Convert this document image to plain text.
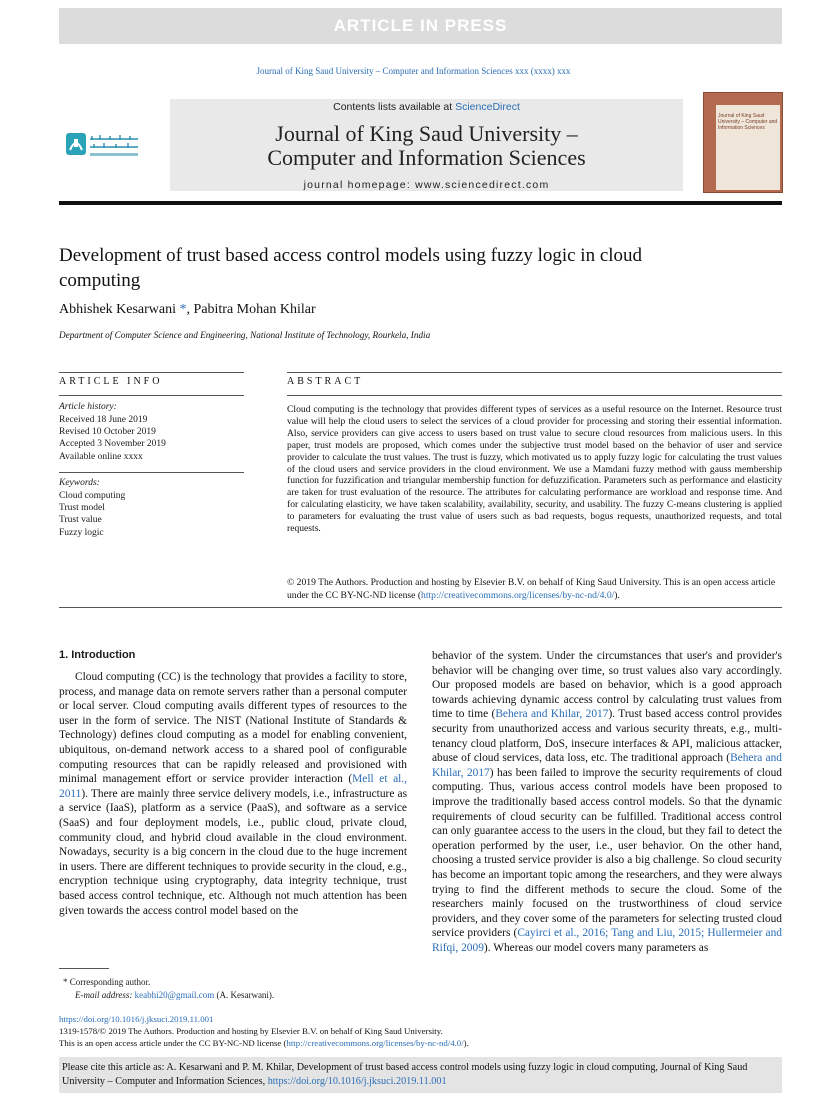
ARTICLE IN PRESS
Journal of King Saud University – Computer and Information Sciences xxx (xxxx) xxx
Contents lists available at ScienceDirect
Journal of King Saud University –
Computer and Information Sciences
journal homepage: www.sciencedirect.com
Journal of King Saud University – Computer and Information Sciences
Development of trust based access control models using fuzzy logic in cloud computing
Abhishek Kesarwani *, Pabitra Mohan Khilar
Department of Computer Science and Engineering, National Institute of Technology, Rourkela, India
ARTICLE INFO
Article history:
Received 18 June 2019
Revised 10 October 2019
Accepted 3 November 2019
Available online xxxx
Keywords:
Cloud computing
Trust model
Trust value
Fuzzy logic
ABSTRACT
Cloud computing is the technology that provides different types of services as a useful resource on the Internet. Resource trust value will help the cloud users to select the services of a cloud provider for processing and storing their essential information. Also, service providers can give access to users based on trust value to secure cloud resources from malicious users. In this paper, trust models are proposed, which comes under the subjective trust model based on the behavior of user and service provider to calculate the trust values. The trust is fuzzy, which motivated us to apply fuzzy logic for calculating the trust values of the cloud users and service providers in the cloud environment. We use a Mamdani fuzzy method with gauss membership function for fuzzification and triangular membership function for defuzzification. Parameters such as performance and elasticity are taken for trust evaluation of the resource. The attributes for calculating performance are workload and response time. And for calculating elasticity, we have taken scalability, availability, security, and usability. The fuzzy C-means clustering is applied to parameters for evaluating the trust value of users such as bad requests, bogus requests, unauthorized requests, and total requests.
© 2019 The Authors. Production and hosting by Elsevier B.V. on behalf of King Saud University. This is an open access article under the CC BY-NC-ND license (http://creativecommons.org/licenses/by-nc-nd/4.0/).
1. Introduction
Cloud computing (CC) is the technology that provides a facility to store, process, and manage data on remote servers rather than a personal computer or local server. Cloud computing avails different types of resources to the user in the form of service. The NIST (National Institute of Standards & Technology) defines cloud computing as a model for enabling convenient, ubiquitous, on-demand network access to a shared pool of configurable computing resources that can be rapidly released and provisioned with minimal management effort or service provider interaction (Mell et al., 2011). There are mainly three service delivery models, i.e., infrastructure as a service (IaaS), platform as a service (PaaS), and software as a service (SaaS) and four deployment models, i.e., public cloud, private cloud, community cloud, and hybrid cloud available in the cloud environment. Nowadays, security is a big concern in the cloud due to the huge increment in users. There are different techniques to provide security in the cloud, e.g., encryption technique using cryptography, data integrity technique, trust based access control technique, etc. Although not much attention has been given towards the access control model based on the
behavior of the system. Under the circumstances that user's and provider's behavior will be changing over time, so trust values also vary accordingly. Our proposed models are based on behavior, which is a good approach towards achieving dynamic access control by calculating trust values from time to time (Behera and Khilar, 2017). Trust based access control provides security from unauthorized access and various security threats, e.g., multi-tenancy cloud platform, DoS, insecure interfaces & API, malicious attacker, abuse of cloud services, data loss, etc. The traditional approach (Behera and Khilar, 2017) has been failed to improve the security requirements of cloud computing. Thus, various access control models have been proposed to improve the traditionally based access control models. So that the dynamic requirements of cloud security can be fulfilled. Traditional access control can only guarantee access to the users in the cloud, but they fail to detect the operation performed by the user, i.e., user behavior. On the other hand, choosing a trusted service provider is also a big challenge. So cloud security has become an important topic among the researchers, and they were always trying to find the different methods to secure the cloud. Some of the researchers mainly focused on the trustworthiness of cloud service providers, and they cover some of the parameters for selecting trusted cloud service providers (Cayirci et al., 2016; Tang and Liu, 2015; Hullermeier and Rifqi, 2009). Whereas our model covers many parameters as
* Corresponding author.
E-mail address: keabhi20@gmail.com (A. Kesarwani).
https://doi.org/10.1016/j.jksuci.2019.11.001
1319-1578/© 2019 The Authors. Production and hosting by Elsevier B.V. on behalf of King Saud University.
This is an open access article under the CC BY-NC-ND license (http://creativecommons.org/licenses/by-nc-nd/4.0/).
Please cite this article as: A. Kesarwani and P. M. Khilar, Development of trust based access control models using fuzzy logic in cloud computing, Journal of King Saud University – Computer and Information Sciences, https://doi.org/10.1016/j.jksuci.2019.11.001
